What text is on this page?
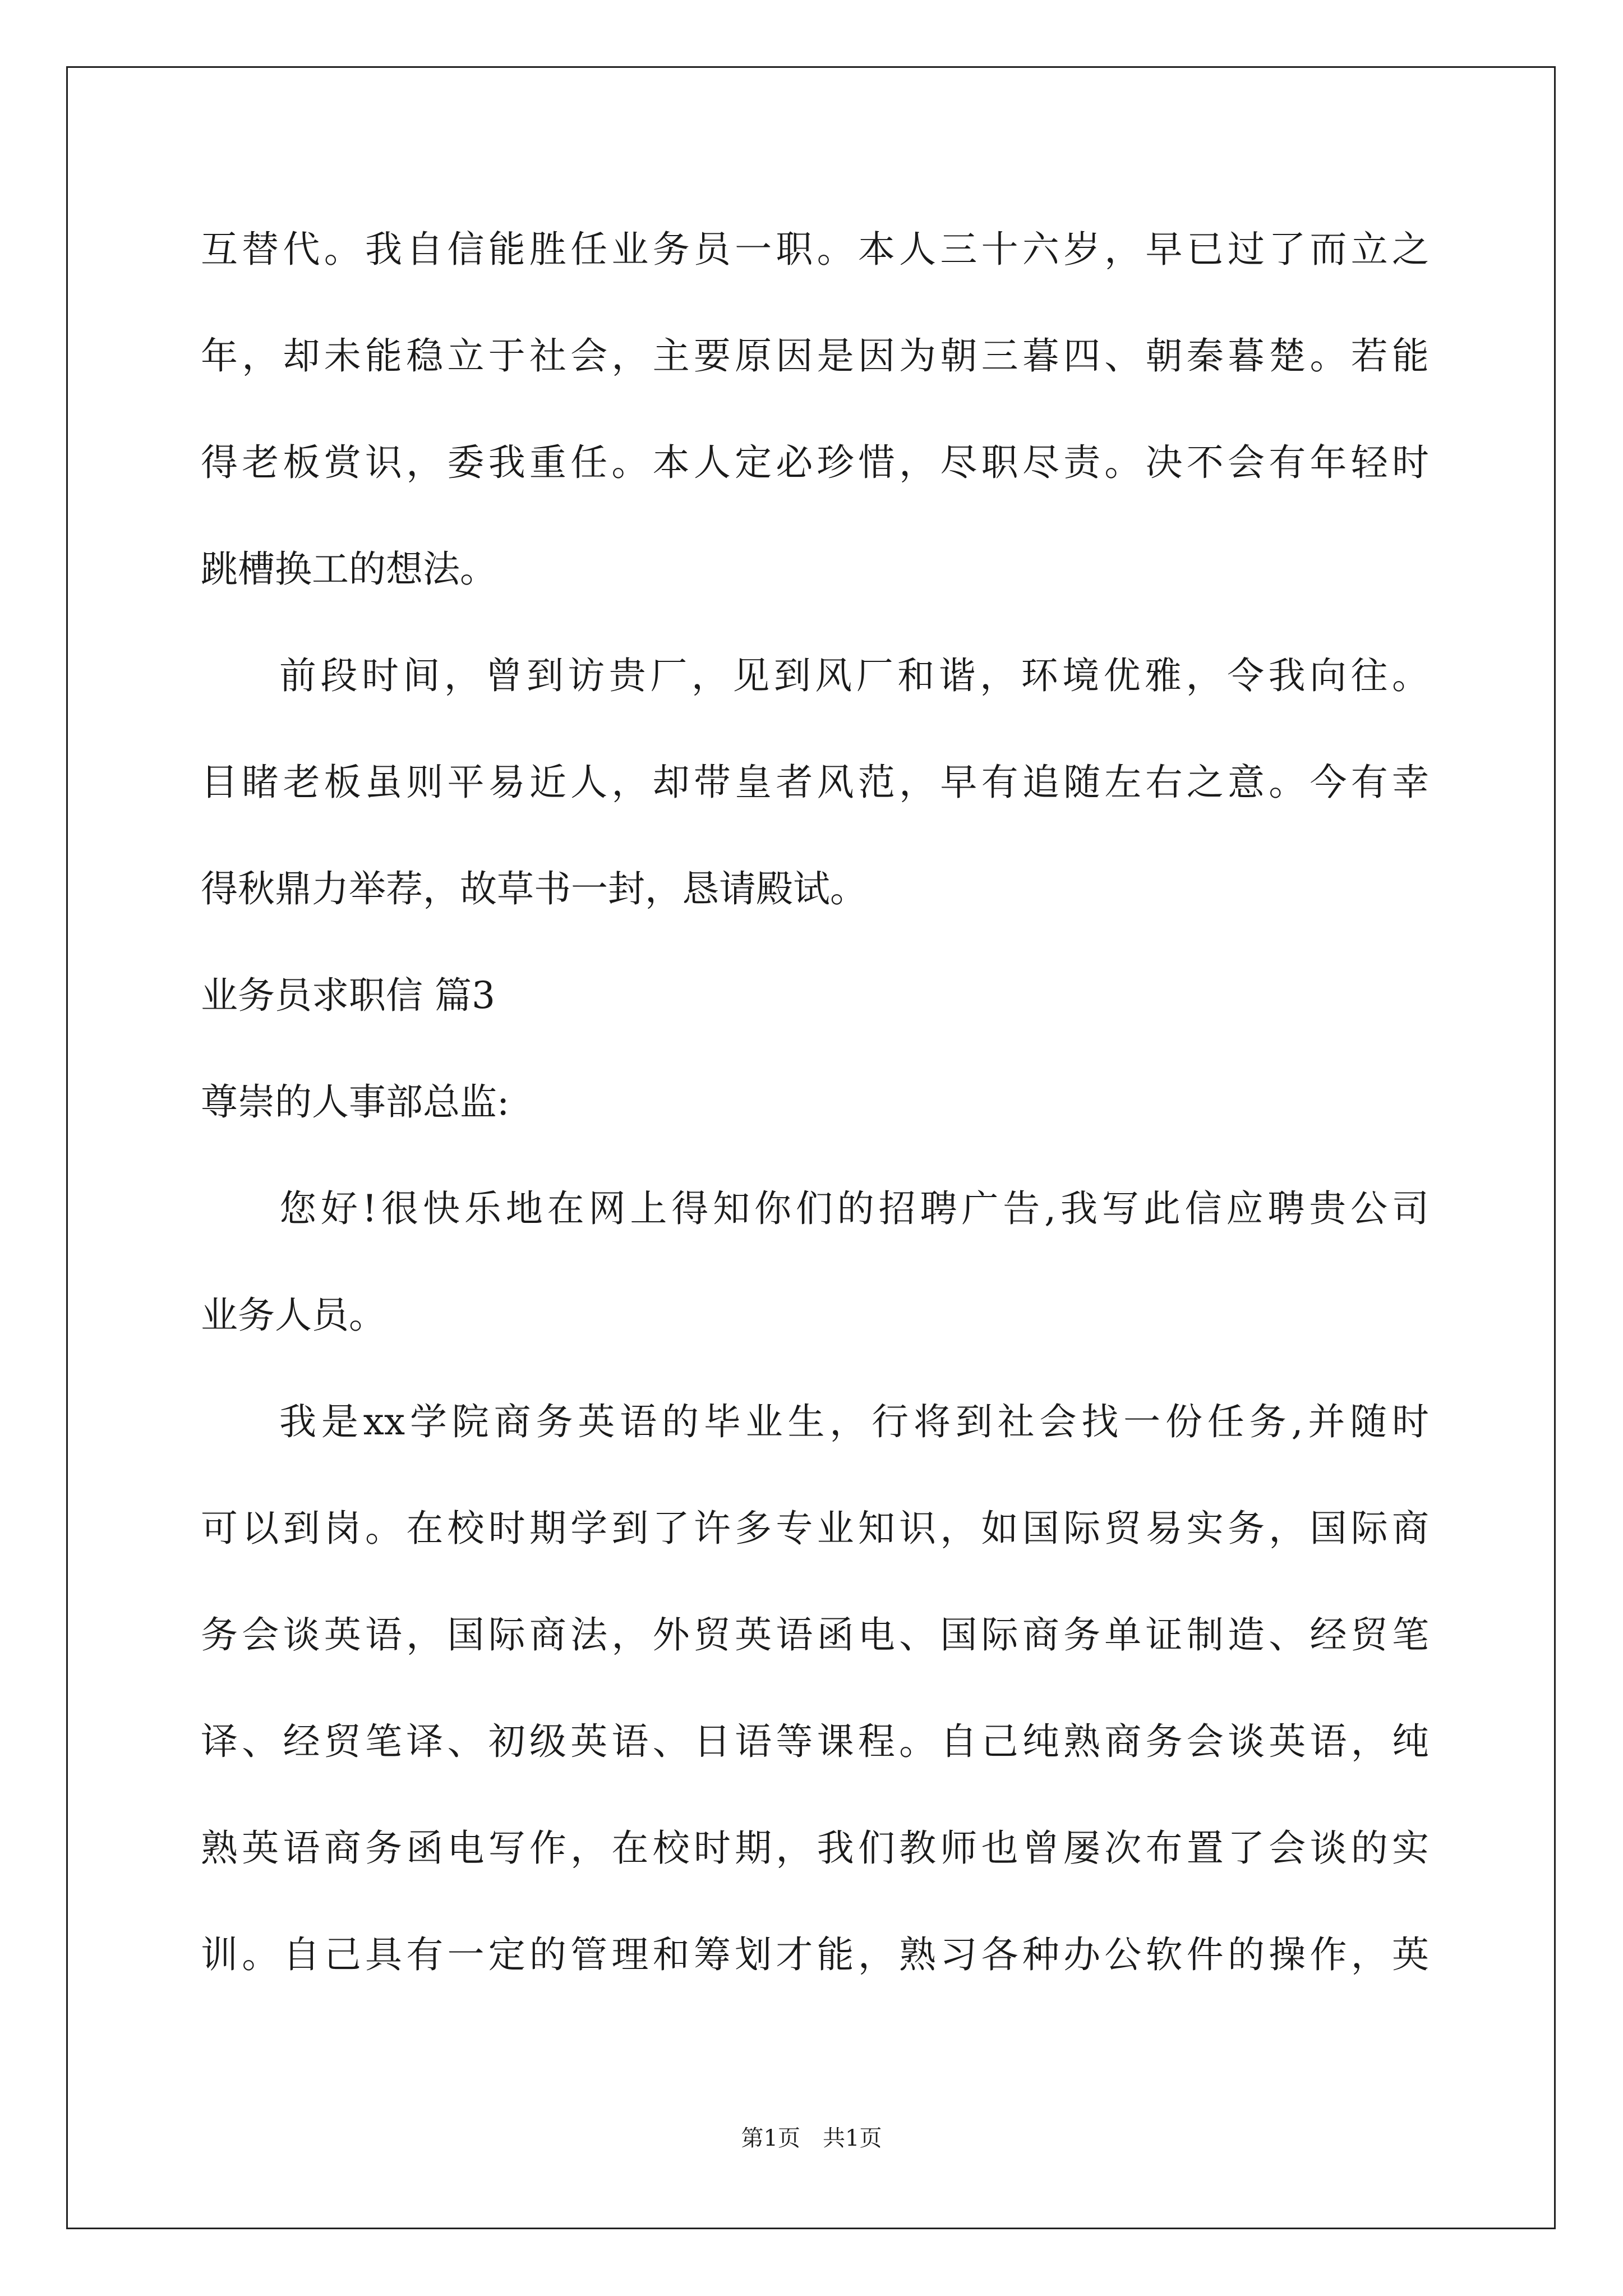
互替代。我自信能胜任业务员一职。本人三十六岁，早已过了而立之
年，却未能稳立于社会，主要原因是因为朝三暮四、朝秦暮楚。若能
得老板赏识，委我重任。本人定必珍惜，尽职尽责。决不会有年轻时
跳槽换工的想法。
前段时间，曾到访贵厂，见到风厂和谐，环境优雅，令我向往。
目睹老板虽则平易近人，却带皇者风范，早有追随左右之意。今有幸
得秋鼎力举荐，故草书一封，恳请殿试。
业务员求职信 篇3
尊崇的人事部总监:
您好!很快乐地在网上得知你们的招聘广告,我写此信应聘贵公司
业务人员。
我是xx学院商务英语的毕业生，行将到社会找一份任务,并随时
可以到岗。在校时期学到了许多专业知识，如国际贸易实务，国际商
务会谈英语，国际商法，外贸英语函电、国际商务单证制造、经贸笔
译、经贸笔译、初级英语、日语等课程。自己纯熟商务会谈英语，纯
熟英语商务函电写作，在校时期，我们教师也曾屡次布置了会谈的实
训。自己具有一定的管理和筹划才能，熟习各种办公软件的操作，英
第1页 共1页
